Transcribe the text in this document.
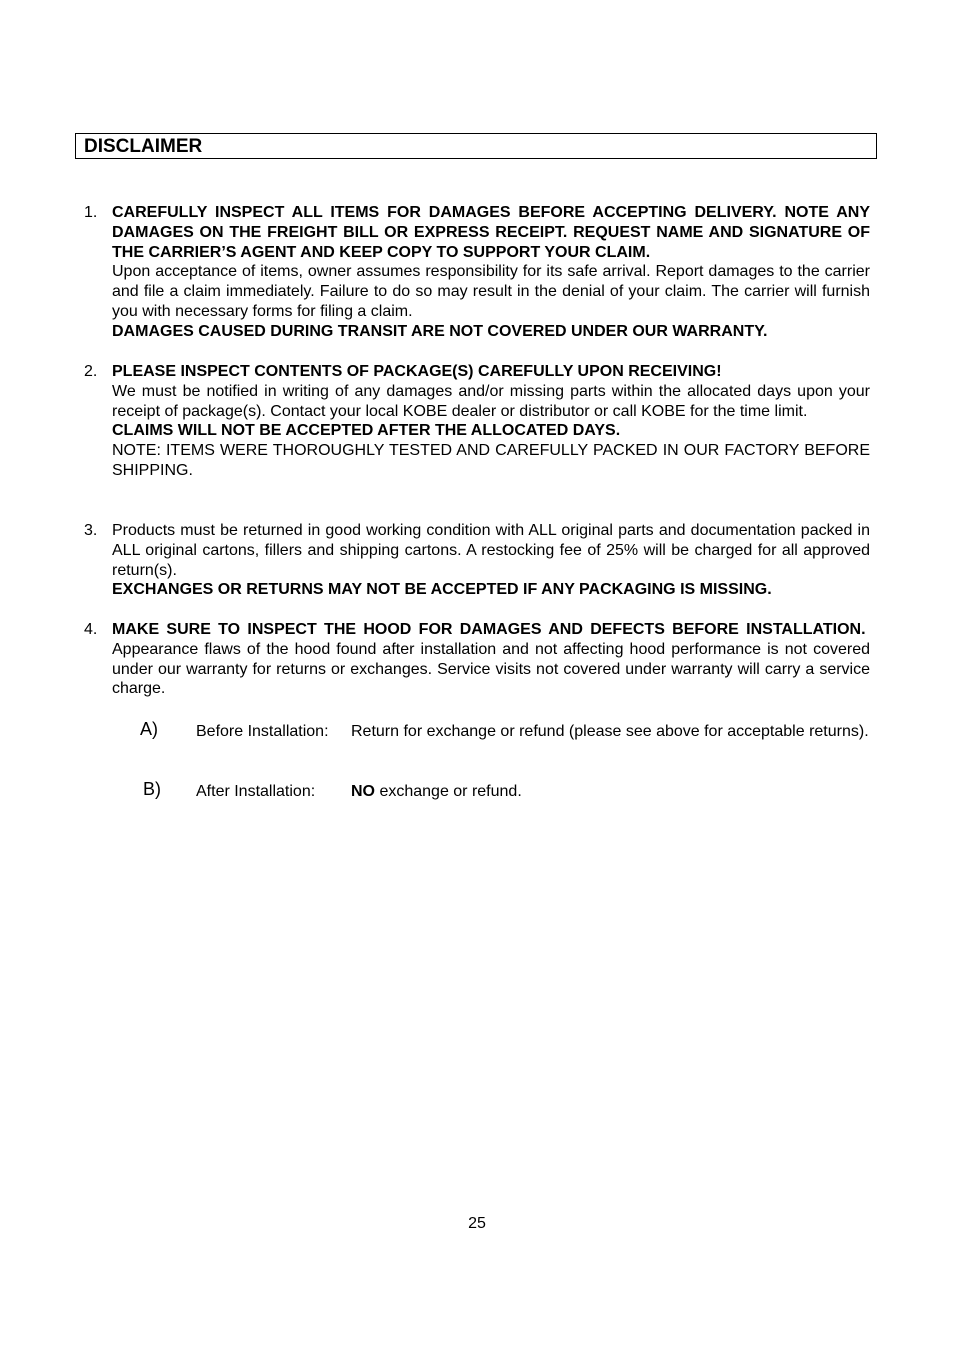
DISCLAIMER
1. CAREFULLY INSPECT ALL ITEMS FOR DAMAGES BEFORE ACCEPTING DELIVERY. NOTE ANY DAMAGES ON THE FREIGHT BILL OR EXPRESS RECEIPT. REQUEST NAME AND SIGNATURE OF THE CARRIER’S AGENT AND KEEP COPY TO SUPPORT YOUR CLAIM.
Upon acceptance of items, owner assumes responsibility for its safe arrival. Report damages to the carrier and file a claim immediately. Failure to do so may result in the denial of your claim. The carrier will furnish you with necessary forms for filing a claim.
DAMAGES CAUSED DURING TRANSIT ARE NOT COVERED UNDER OUR WARRANTY.
2. PLEASE INSPECT CONTENTS OF PACKAGE(S) CAREFULLY UPON RECEIVING!
We must be notified in writing of any damages and/or missing parts within the allocated days upon your receipt of package(s). Contact your local KOBE dealer or distributor or call KOBE for the time limit.
CLAIMS WILL NOT BE ACCEPTED AFTER THE ALLOCATED DAYS.
NOTE: ITEMS WERE THOROUGHLY TESTED AND CAREFULLY PACKED IN OUR FACTORY BEFORE SHIPPING.
3. Products must be returned in good working condition with ALL original parts and documentation packed in ALL original cartons, fillers and shipping cartons. A restocking fee of 25% will be charged for all approved return(s).
EXCHANGES OR RETURNS MAY NOT BE ACCEPTED IF ANY PACKAGING IS MISSING.
4. MAKE SURE TO INSPECT THE HOOD FOR DAMAGES AND DEFECTS BEFORE INSTALLATION.  Appearance flaws of the hood found after installation and not affecting hood performance is not covered under our warranty for returns or exchanges. Service visits not covered under warranty will carry a service charge.
A) Before Installation: Return for exchange or refund (please see above for acceptable returns).
B) After Installation: NO exchange or refund.
25
